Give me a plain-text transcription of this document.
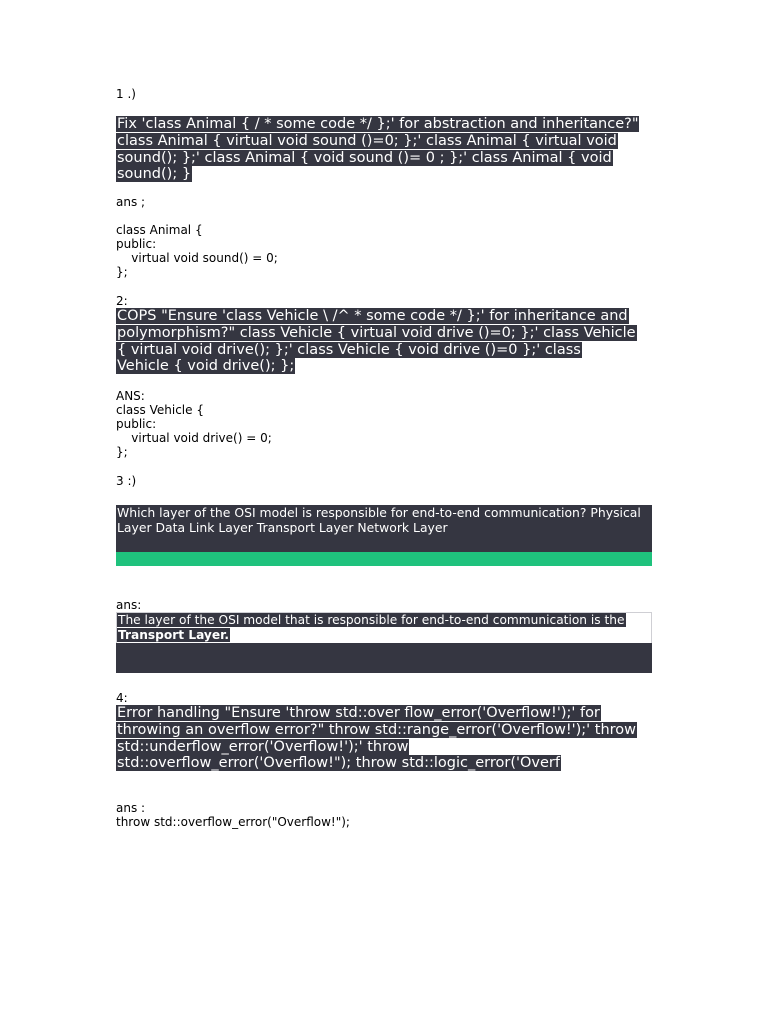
1 .)
Fix 'class Animal { / * some code */ };' for abstraction and inheritance?" class Animal { virtual void sound ()=0; };' class Animal { virtual void sound(); };' class Animal { void sound ()= 0 ; };' class Animal { void sound(); }
ans ;
class Animal {
public:
virtual void sound() = 0;
};
2:
COPS "Ensure 'class Vehicle \ /^ * some code */ };' for inheritance and polymorphism?" class Vehicle { virtual void drive ()=0; };' class Vehicle { virtual void drive(); };' class Vehicle { void drive ()=0 };' class Vehicle { void drive(); };
ANS:
class Vehicle {
public:
virtual void drive() = 0;
};
3 :)
Which layer of the OSI model is responsible for end-to-end communication? Physical Layer Data Link Layer Transport Layer Network Layer
ans:
The layer of the OSI model that is responsible for end-to-end communication is the
Transport Layer.
4:
Error handling "Ensure 'throw std::over flow_error('Overflow!');' for throwing an overflow error?" throw std::range_error('Overflow!');' throw std::underflow_error('Overflow!');' throw std::overflow_error('Overflow!"); throw std::logic_error('Overf
ans :
throw std::overflow_error("Overflow!");
